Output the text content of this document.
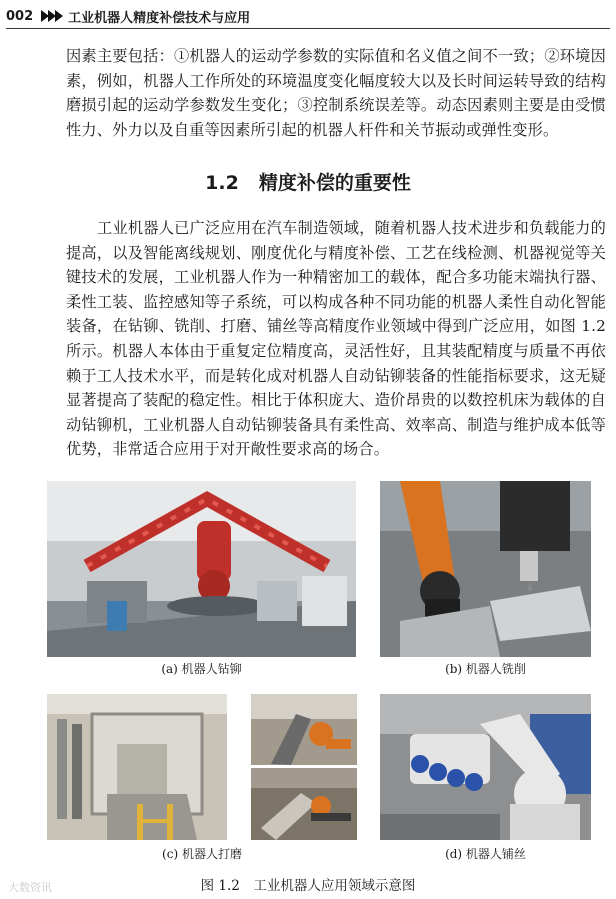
002	工业机器人精度补偿技术与应用
因素主要包括：①机器人的运动学参数的实际值和名义值之间不一致；②环境因素，例如，机器人工作所处的环境温度变化幅度较大以及长时间运转导致的结构磨损引起的运动学参数发生变化；③控制系统误差等。动态因素则主要是由受惯性力、外力以及自重等因素所引起的机器人杆件和关节振动或弹性变形。
1.2 精度补偿的重要性
工业机器人已广泛应用在汽车制造领域，随着机器人技术进步和负载能力的提高，以及智能离线规划、刚度优化与精度补偿、工艺在线检测、机器视觉等关键技术的发展，工业机器人作为一种精密加工的载体，配合多功能末端执行器、柔性工装、监控感知等子系统，可以构成各种不同功能的机器人柔性自动化智能装备，在钻铆、铣削、打磨、铺丝等高精度作业领域中得到广泛应用，如图 1.2 所示。机器人本体由于重复定位精度高，灵活性好，且其装配精度与质量不再依赖于工人技术水平，而是转化成对机器人自动钻铆装备的性能指标要求，这无疑显著提高了装配的稳定性。相比于体积庞大、造价昂贵的以数控机床为载体的自动钻铆机，工业机器人自动钻铆装备具有柔性高、效率高、制造与维护成本低等优势，非常适合应用于对开敞性要求高的场合。
(a) 机器人钻铆	(b) 机器人铣削
(c) 机器人打磨	(d) 机器人铺丝
图 1.2　工业机器人应用领域示意图
大数资讯
